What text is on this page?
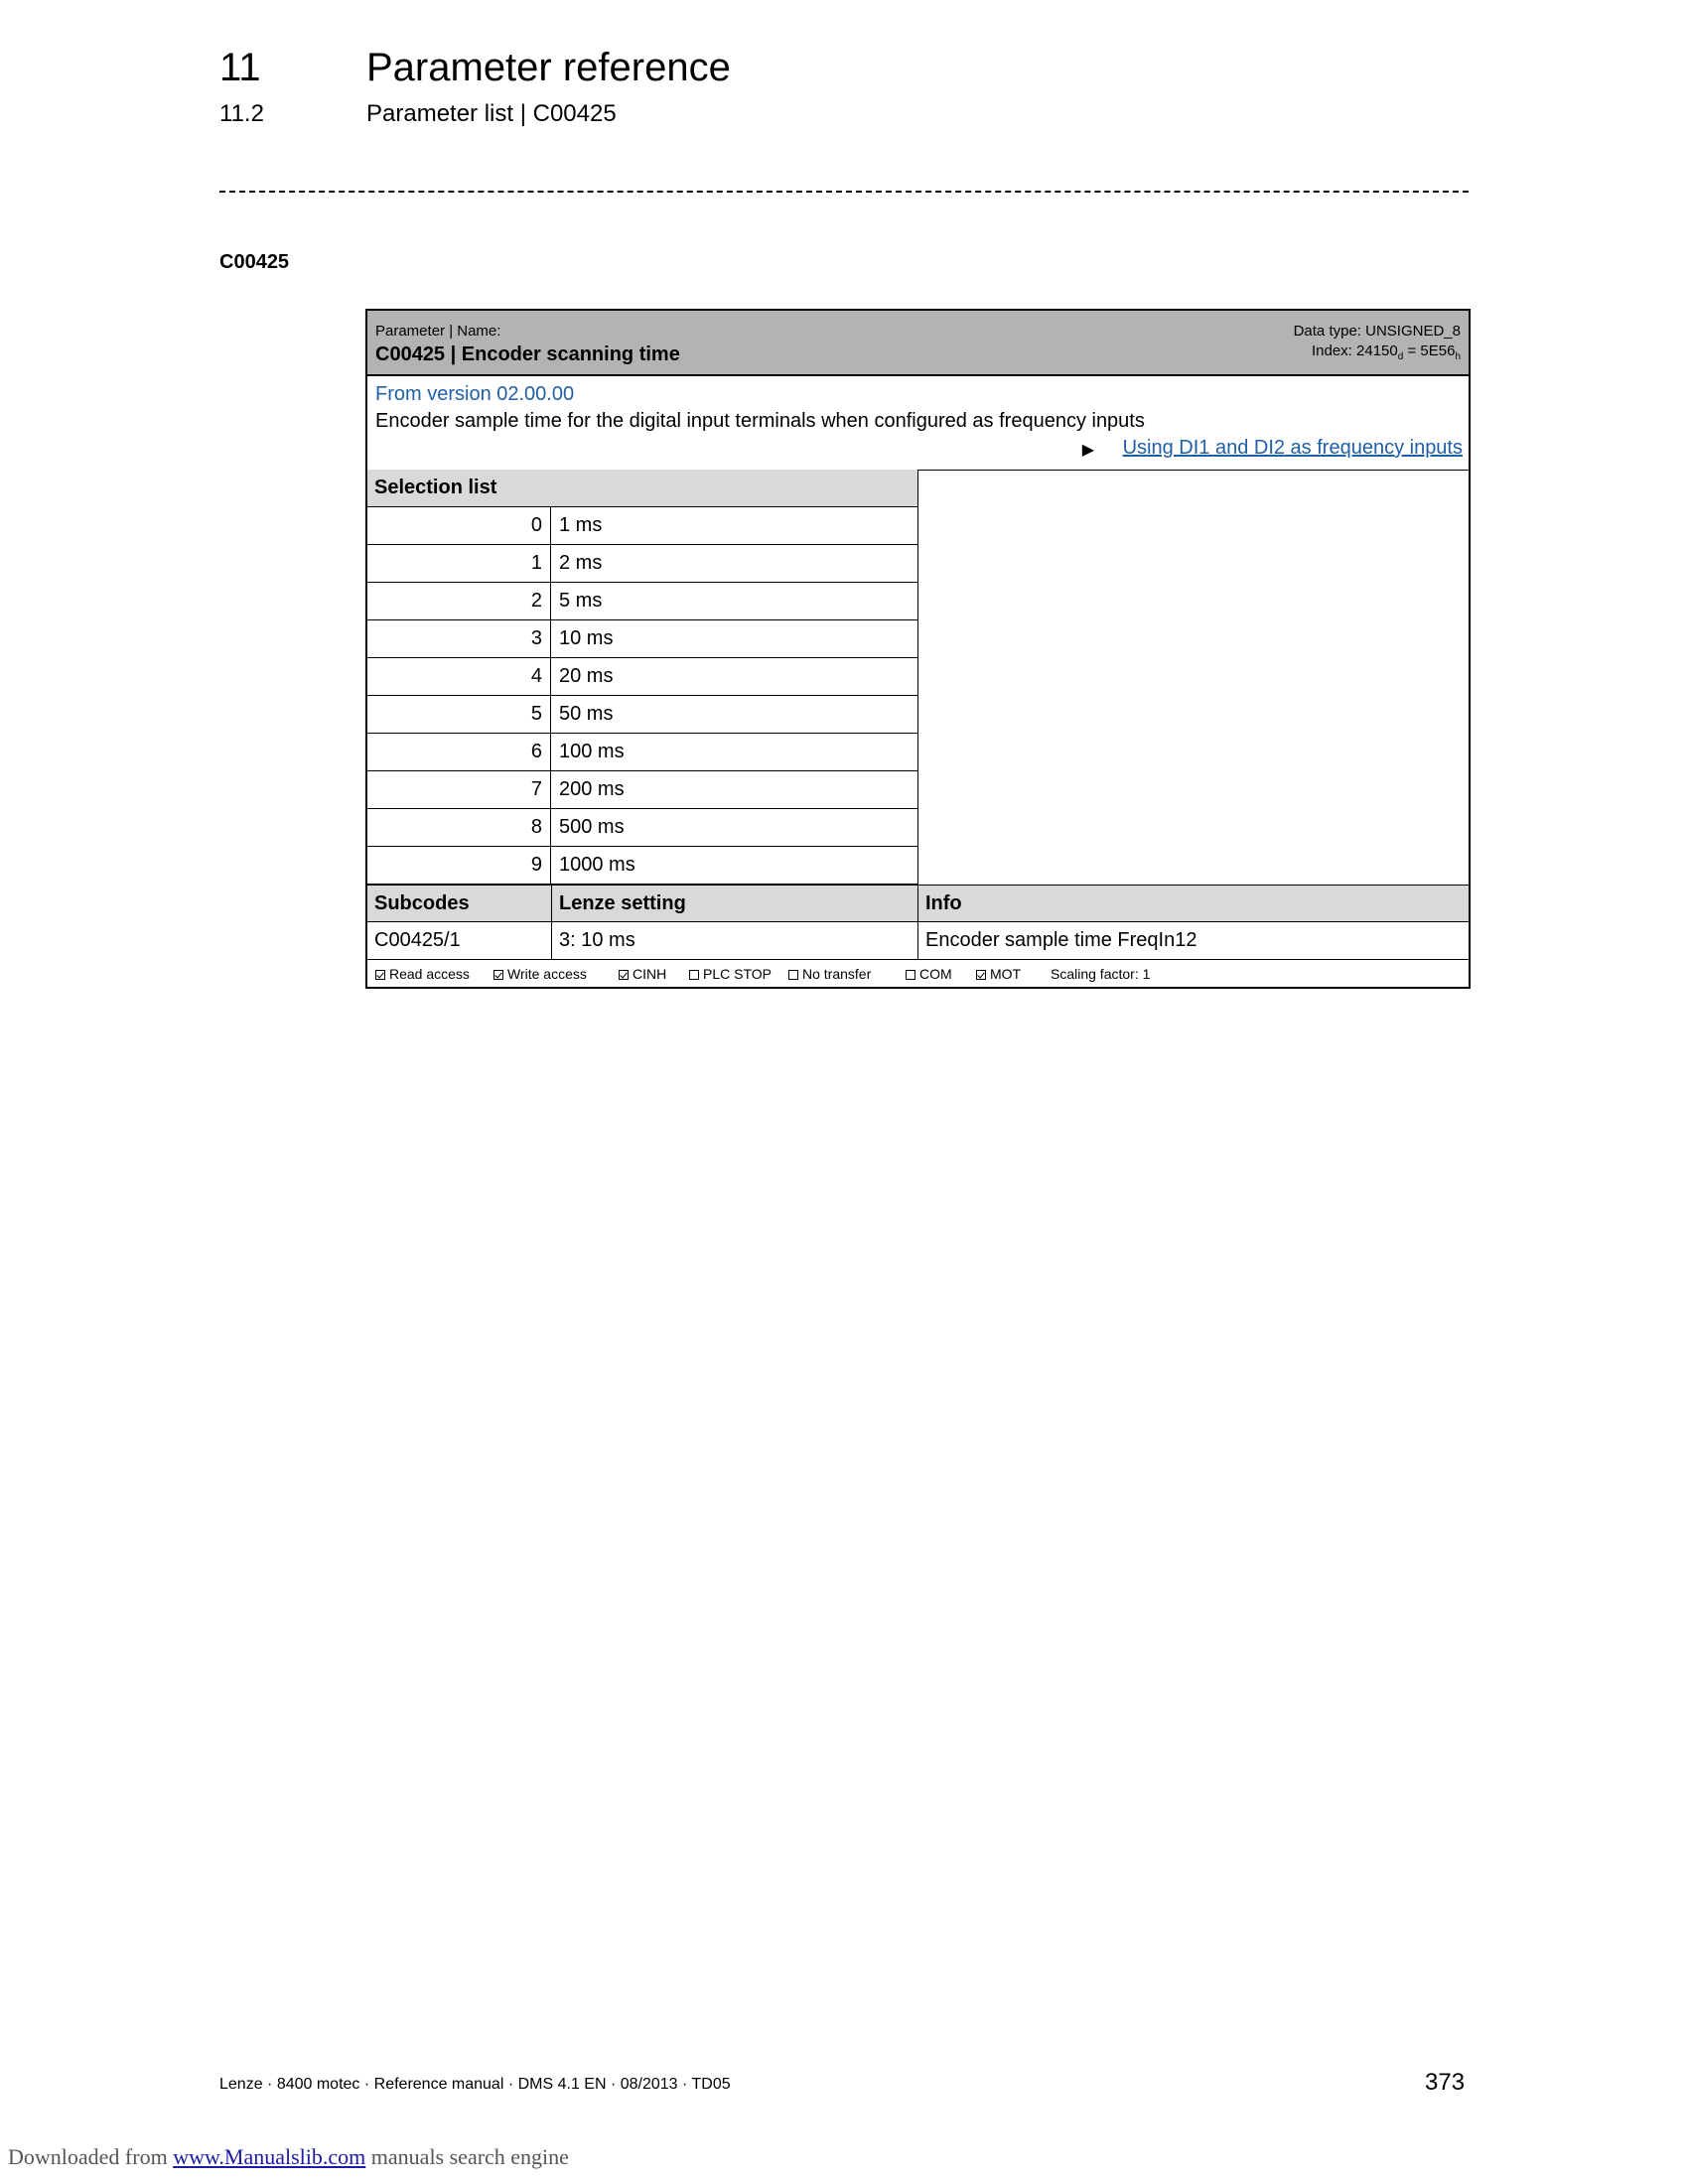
11	Parameter reference
11.2	Parameter list | C00425
C00425
Parameter | Name:
C00425 | Encoder scanning time
Data type: UNSIGNED_8
Index: $24150_d = 5E56_h$
From version 02.00.00
Encoder sample time for the digital input terminals when configured as frequency inputs
▶ Using DI1 and DI2 as frequency inputs
Selection list
0 1 ms
1 2 ms
2 5 ms
3 10 ms
4 20 ms
5 50 ms
6 100 ms
7 200 ms
8 500 ms
9 1000 ms
Subcodes	Lenze setting	Info
C00425/1	3: 10 ms	Encoder sample time FreqIn12
Read access	Write access	CINH	PLC STOP	No transfer	COM	MOT Scaling factor: 1
Lenze · 8400 motec · Reference manual · DMS 4.1 EN · 08/2013 · TD05	373
Downloaded from www.Manualslib.com manuals search engine
